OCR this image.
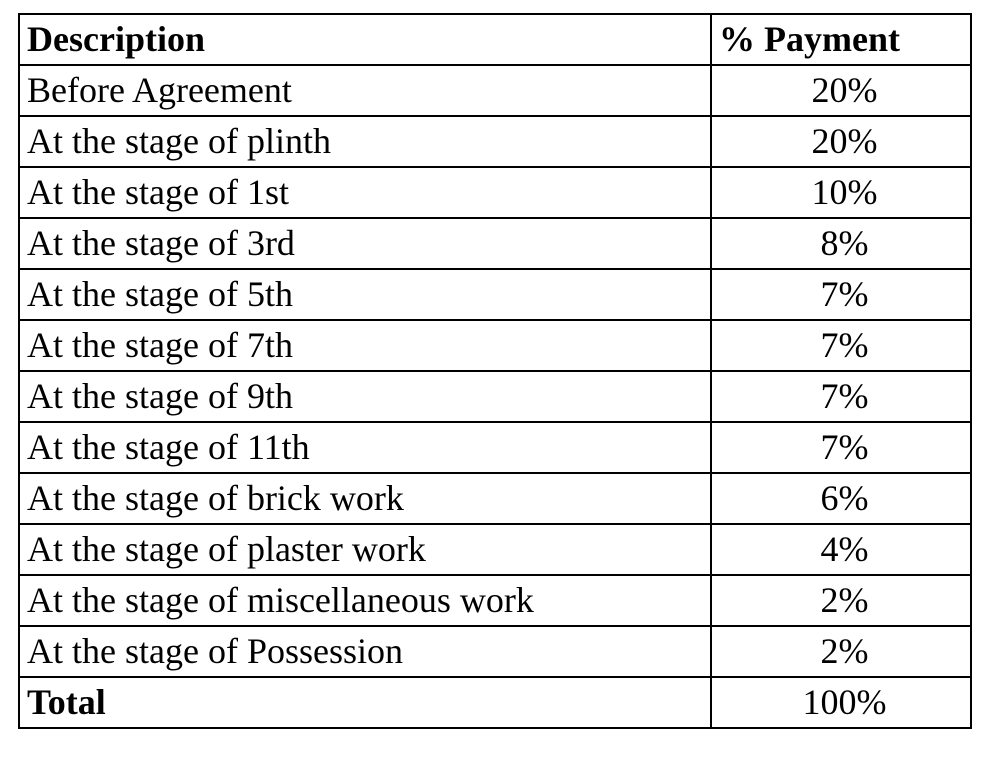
Description	% Payment
Before Agreement	20%
At the stage of plinth	20%
At the stage of 1st	10%
At the stage of 3rd	8%
At the stage of 5th	7%
At the stage of 7th	7%
At the stage of 9th	7%
At the stage of 11th	7%
At the stage of brick work	6%
At the stage of plaster work	4%
At the stage of miscellaneous work	2%
At the stage of Possession	2%
Total	100%
